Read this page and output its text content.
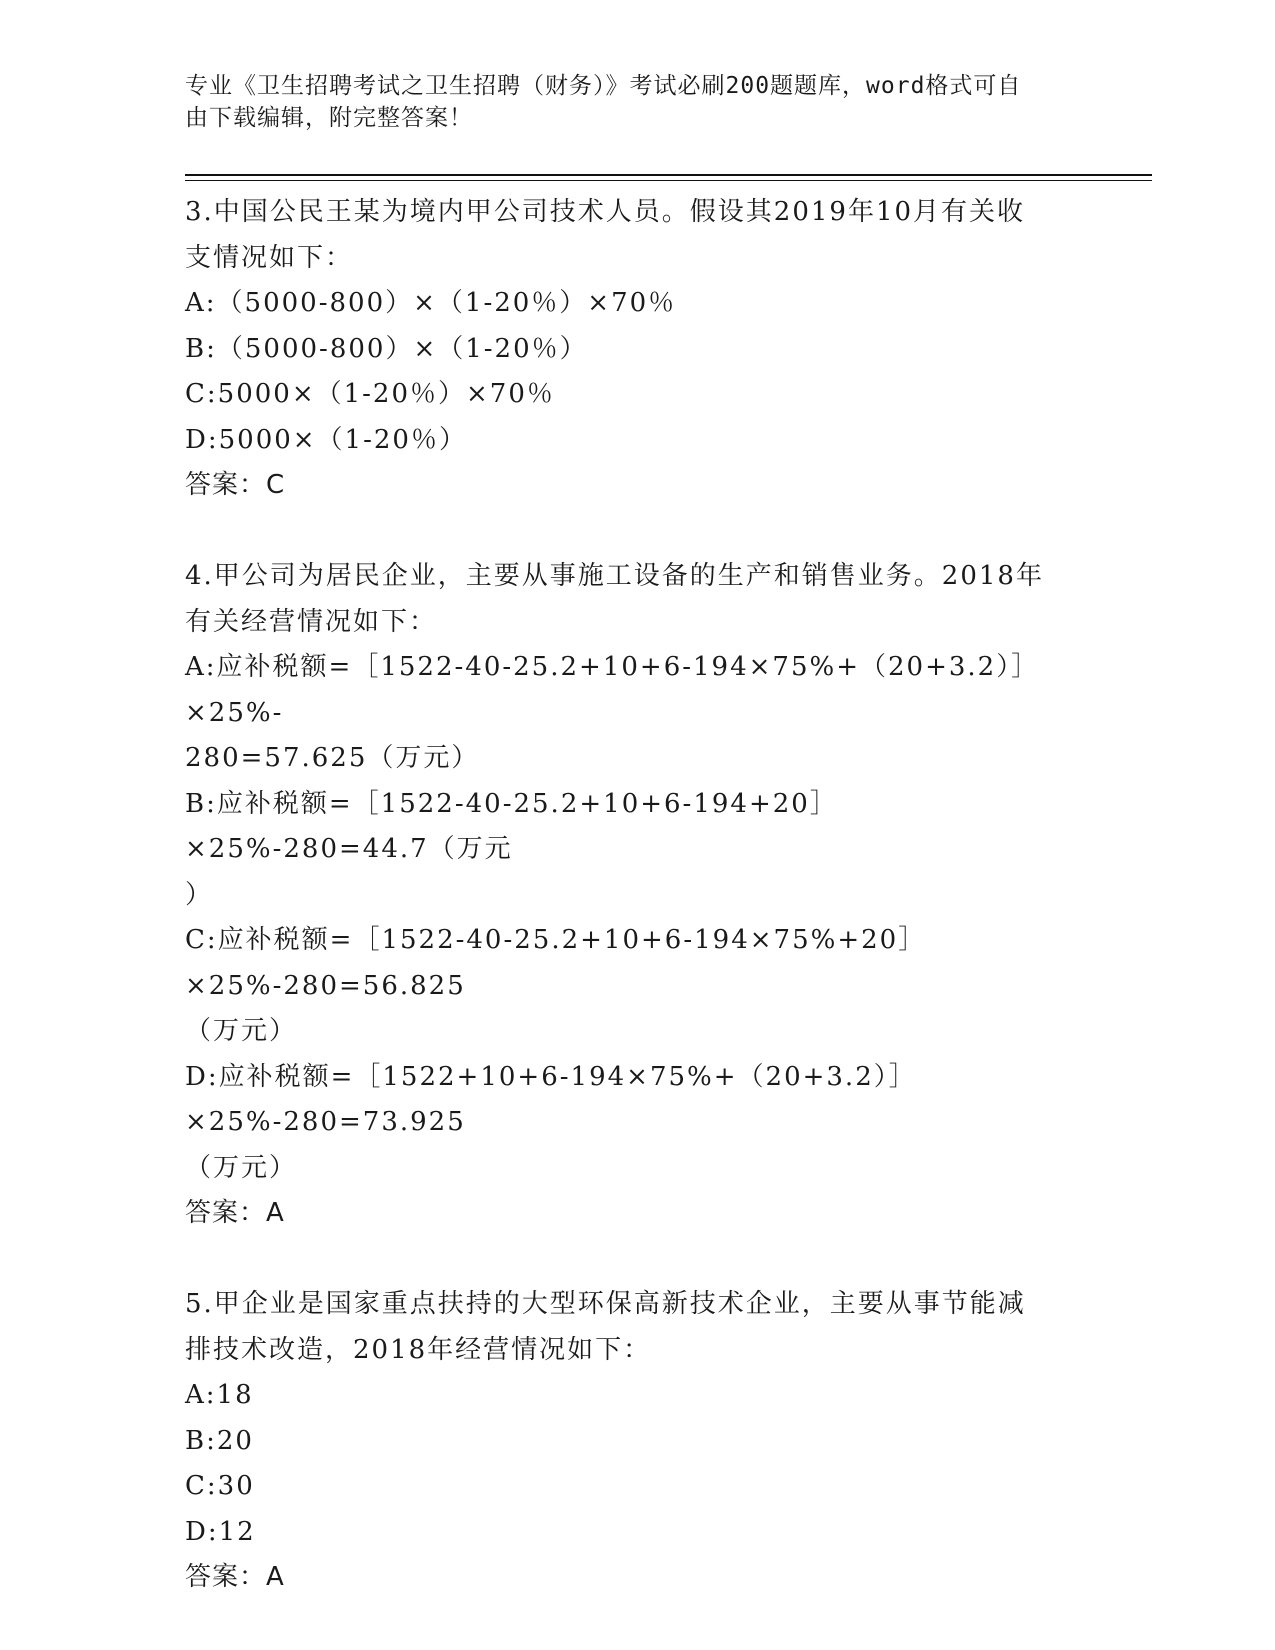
专业《卫生招聘考试之卫生招聘（财务）》考试必刷200题题库，word格式可自
由下载编辑，附完整答案！
3.中国公民王某为境内甲公司技术人员。假设其2019年10月有关收
支情况如下：
A:（5000-800）×（1-20％）×70％
B:（5000-800）×（1-20％）
C:5000×（1-20％）×70％
D:5000×（1-20％）
答案：C
4.甲公司为居民企业，主要从事施工设备的生产和销售业务。2018年
有关经营情况如下：
A:应补税额=［1522-40-25.2+10+6-194×75%+（20+3.2）］×25%-
280=57.625（万元）
B:应补税额=［1522-40-25.2+10+6-194+20］×25%-280=44.7（万元
）
C:应补税额=［1522-40-25.2+10+6-194×75%+20］×25%-280=56.825
（万元）
D:应补税额=［1522+10+6-194×75%+（20+3.2）］×25%-280=73.925
（万元）
答案：A
5.甲企业是国家重点扶持的大型环保高新技术企业，主要从事节能减
排技术改造，2018年经营情况如下：
A:18
B:20
C:30
D:12
答案：A
